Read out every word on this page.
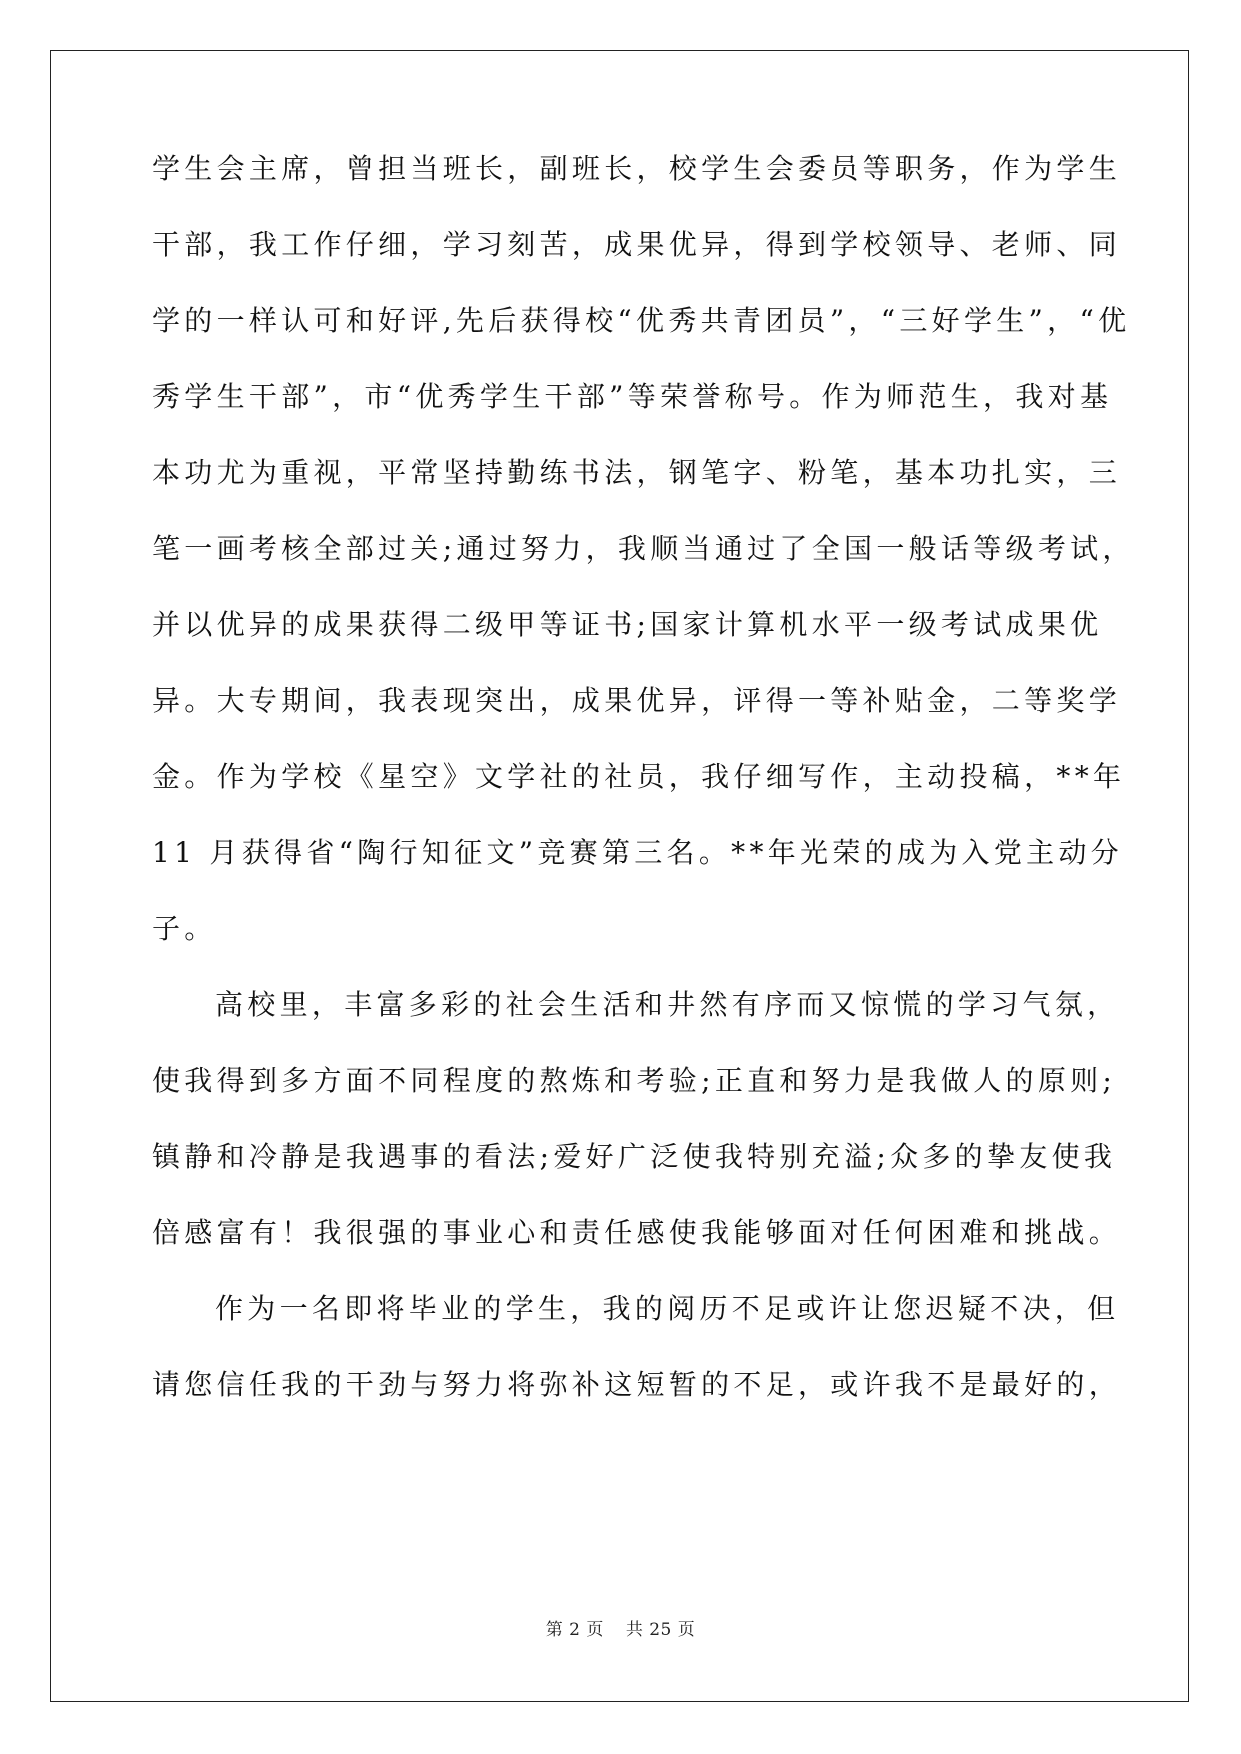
学生会主席，曾担当班长，副班长，校学生会委员等职务，作为学生
干部，我工作仔细，学习刻苦，成果优异，得到学校领导、老师、同
学的一样认可和好评,先后获得校“优秀共青团员”，“三好学生”，“优
秀学生干部”，市“优秀学生干部”等荣誉称号。作为师范生，我对基
本功尤为重视，平常坚持勤练书法，钢笔字、粉笔，基本功扎实，三
笔一画考核全部过关;通过努力，我顺当通过了全国一般话等级考试，
并以优异的成果获得二级甲等证书;国家计算机水平一级考试成果优
异。大专期间，我表现突出，成果优异，评得一等补贴金，二等奖学
金。作为学校《星空》文学社的社员，我仔细写作，主动投稿，**年
11 月获得省“陶行知征文”竞赛第三名。**年光荣的成为入党主动分
子。
高校里，丰富多彩的社会生活和井然有序而又惊慌的学习气氛，
使我得到多方面不同程度的熬炼和考验;正直和努力是我做人的原则;
镇静和冷静是我遇事的看法;爱好广泛使我特别充溢;众多的挚友使我
倍感富有！我很强的事业心和责任感使我能够面对任何困难和挑战。
作为一名即将毕业的学生，我的阅历不足或许让您迟疑不决，但
请您信任我的干劲与努力将弥补这短暂的不足，或许我不是最好的，
第 2 页 共 25 页
